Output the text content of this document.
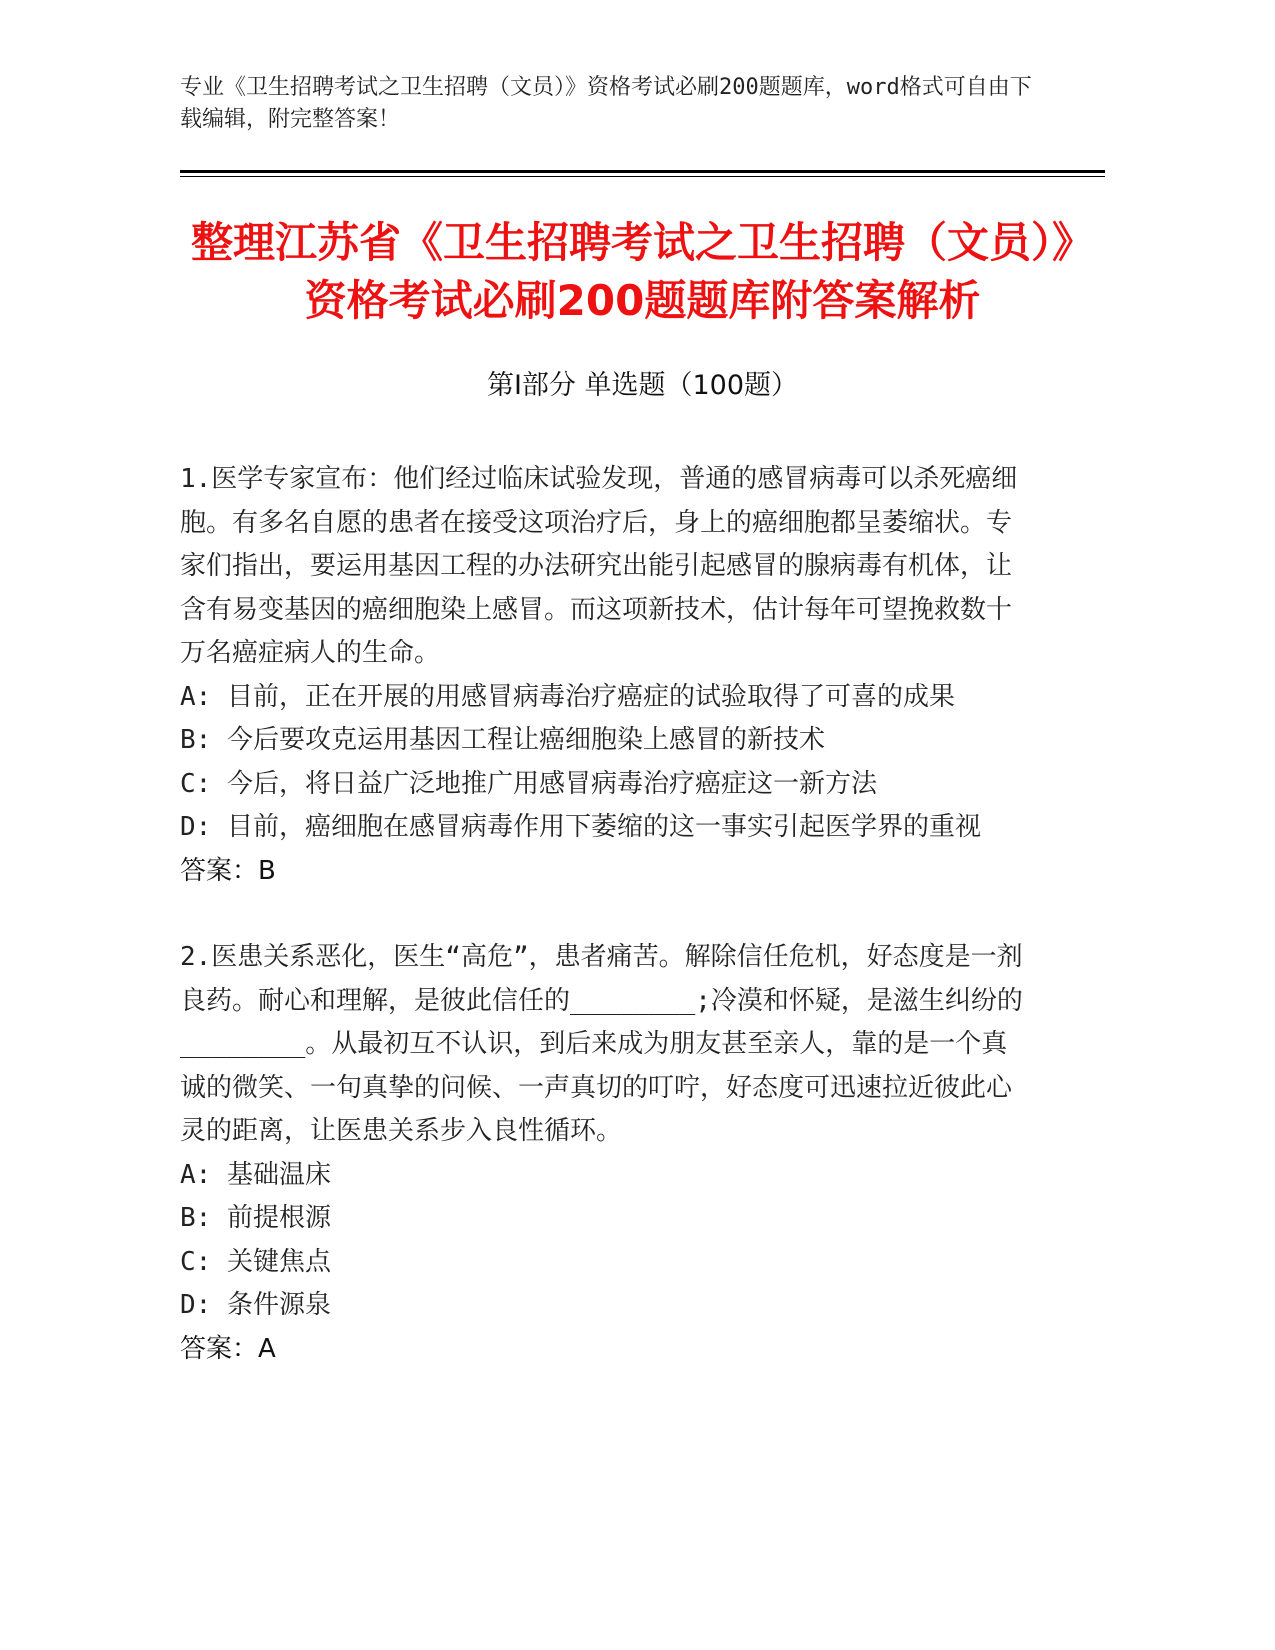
专业《卫生招聘考试之卫生招聘（文员）》资格考试必刷200题题库，word格式可自由下载编辑，附完整答案！
整理江苏省《卫生招聘考试之卫生招聘（文员）》资格考试必刷200题题库附答案解析
第Ⅰ部分 单选题（100题）

1.医学专家宣布：他们经过临床试验发现，普通的感冒病毒可以杀死癌细胞。有多名自愿的患者在接受这项治疗后，身上的癌细胞都呈萎缩状。专家们指出，要运用基因工程的办法研究出能引起感冒的腺病毒有机体，让含有易变基因的癌细胞染上感冒。而这项新技术，估计每年可望挽救数十万名癌症病人的生命。

A: 目前，正在开展的用感冒病毒治疗癌症的试验取得了可喜的成果

B: 今后要攻克运用基因工程让癌细胞染上感冒的新技术

C: 今后，将日益广泛地推广用感冒病毒治疗癌症这一新方法

D: 目前，癌细胞在感冒病毒作用下萎缩的这一事实引起医学界的重视

答案：B

2.医患关系恶化，医生“高危”，患者痛苦。解除信任危机，好态度是一剂良药。耐心和理解，是彼此信任的________;冷漠和怀疑，是滋生纠纷的________。从最初互不认识，到后来成为朋友甚至亲人，靠的是一个真诚的微笑、一句真挚的问候、一声真切的叮咛，好态度可迅速拉近彼此心灵的距离，让医患关系步入良性循环。

A: 基础温床

B: 前提根源

C: 关键焦点

D: 条件源泉

答案：A
